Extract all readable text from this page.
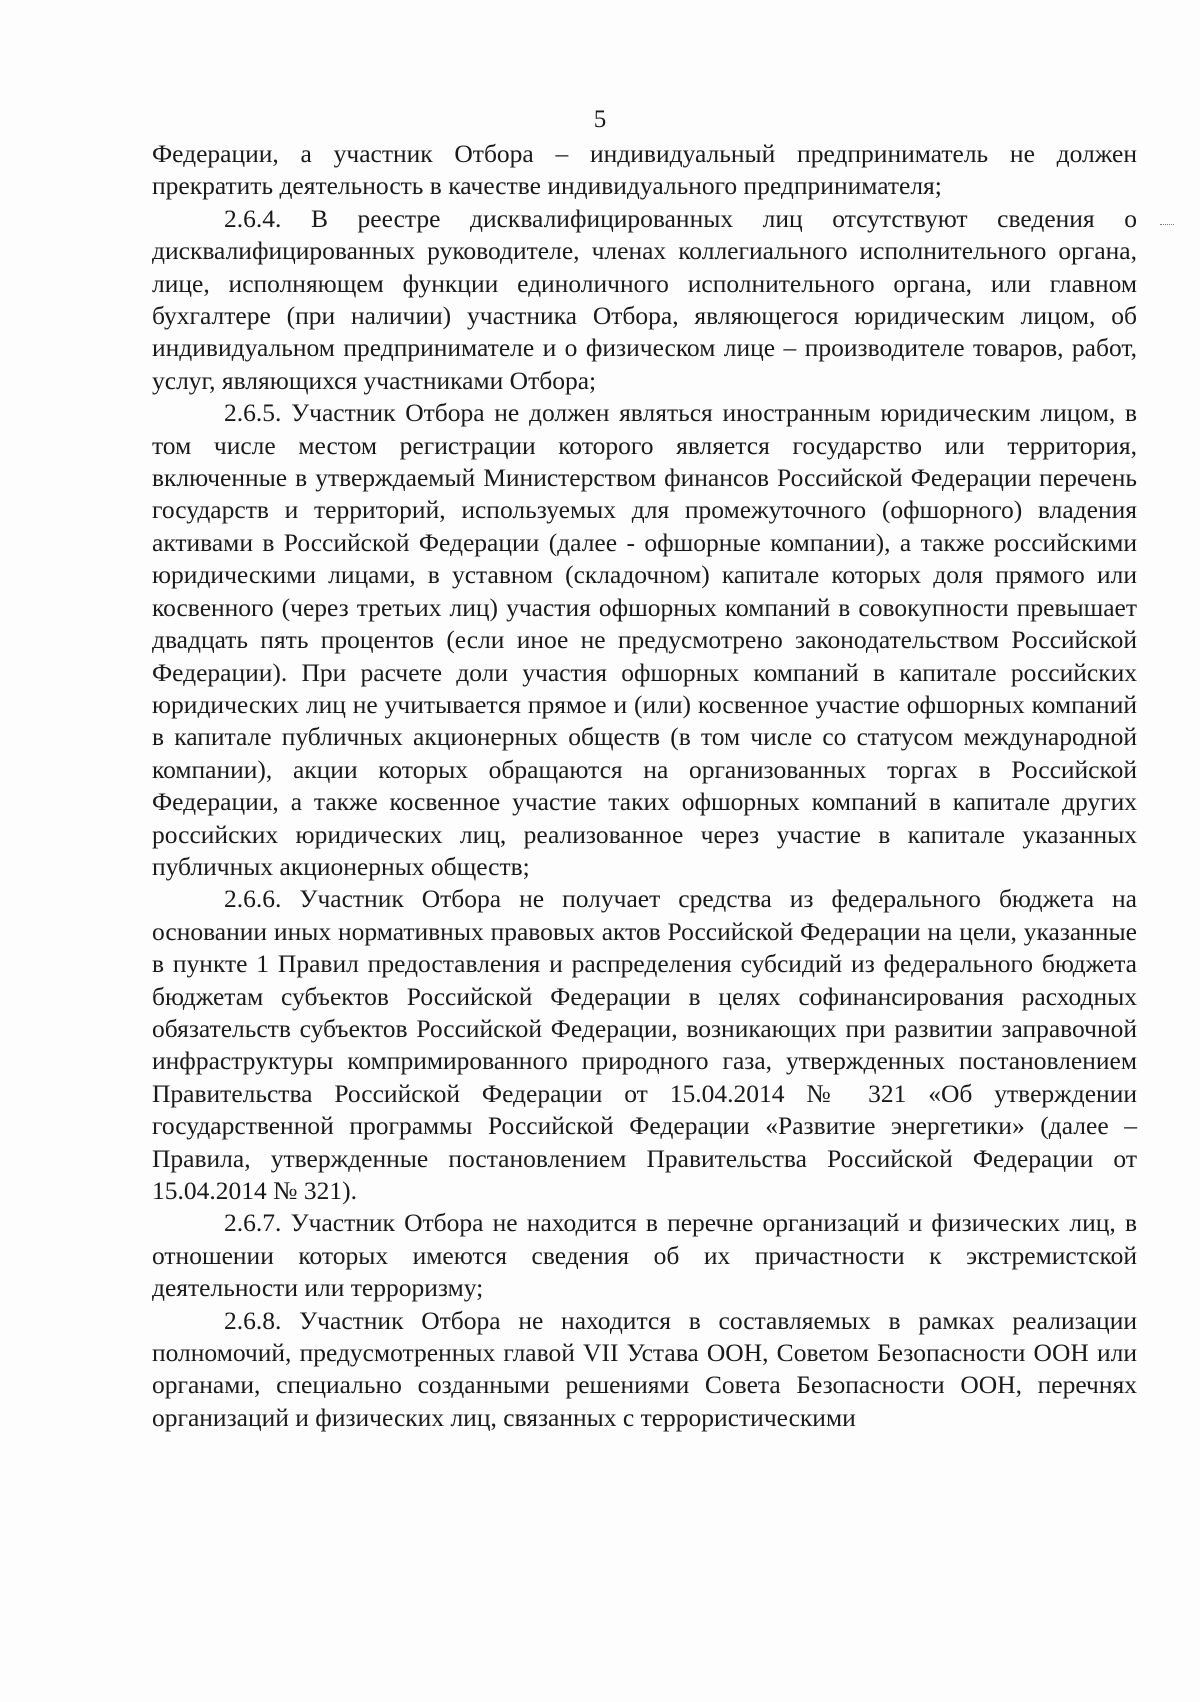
5

Федерации, а участник Отбора – индивидуальный предприниматель не должен прекратить деятельность в качестве индивидуального предпринимателя;

2.6.4. В реестре дисквалифицированных лиц отсутствуют сведения о дисквалифицированных руководителе, членах коллегиального исполнительного органа, лице, исполняющем функции единоличного исполнительного органа, или главном бухгалтере (при наличии) участника Отбора, являющегося юридическим лицом, об индивидуальном предпринимателе и о физическом лице – производителе товаров, работ, услуг, являющихся участниками Отбора;

2.6.5. Участник Отбора не должен являться иностранным юридическим лицом, в том числе местом регистрации которого является государство или территория, включенные в утверждаемый Министерством финансов Российской Федерации перечень государств и территорий, используемых для промежуточного (офшорного) владения активами в Российской Федерации (далее - офшорные компании), а также российскими юридическими лицами, в уставном (складочном) капитале которых доля прямого или косвенного (через третьих лиц) участия офшорных компаний в совокупности превышает двадцать пять процентов (если иное не предусмотрено законодательством Российской Федерации). При расчете доли участия офшорных компаний в капитале российских юридических лиц не учитывается прямое и (или) косвенное участие офшорных компаний в капитале публичных акционерных обществ (в том числе со статусом международной компании), акции которых обращаются на организованных торгах в Российской Федерации, а также косвенное участие таких офшорных компаний в капитале других российских юридических лиц, реализованное через участие в капитале указанных публичных акционерных обществ;

2.6.6. Участник Отбора не получает средства из федерального бюджета на основании иных нормативных правовых актов Российской Федерации на цели, указанные в пункте 1 Правил предоставления и распределения субсидий из федерального бюджета бюджетам субъектов Российской Федерации в целях софинансирования расходных обязательств субъектов Российской Федерации, возникающих при развитии заправочной инфраструктуры компримированного природного газа, утвержденных постановлением Правительства Российской Федерации от 15.04.2014 № 321 «Об утверждении государственной программы Российской Федерации «Развитие энергетики» (далее – Правила, утвержденные постановлением Правительства Российской Федерации от 15.04.2014 № 321).

2.6.7. Участник Отбора не находится в перечне организаций и физических лиц, в отношении которых имеются сведения об их причастности к экстремистской деятельности или терроризму;

2.6.8. Участник Отбора не находится в составляемых в рамках реализации полномочий, предусмотренных главой VII Устава ООН, Советом Безопасности ООН или органами, специально созданными решениями Совета Безопасности ООН, перечнях организаций и физических лиц, связанных с террористическими
